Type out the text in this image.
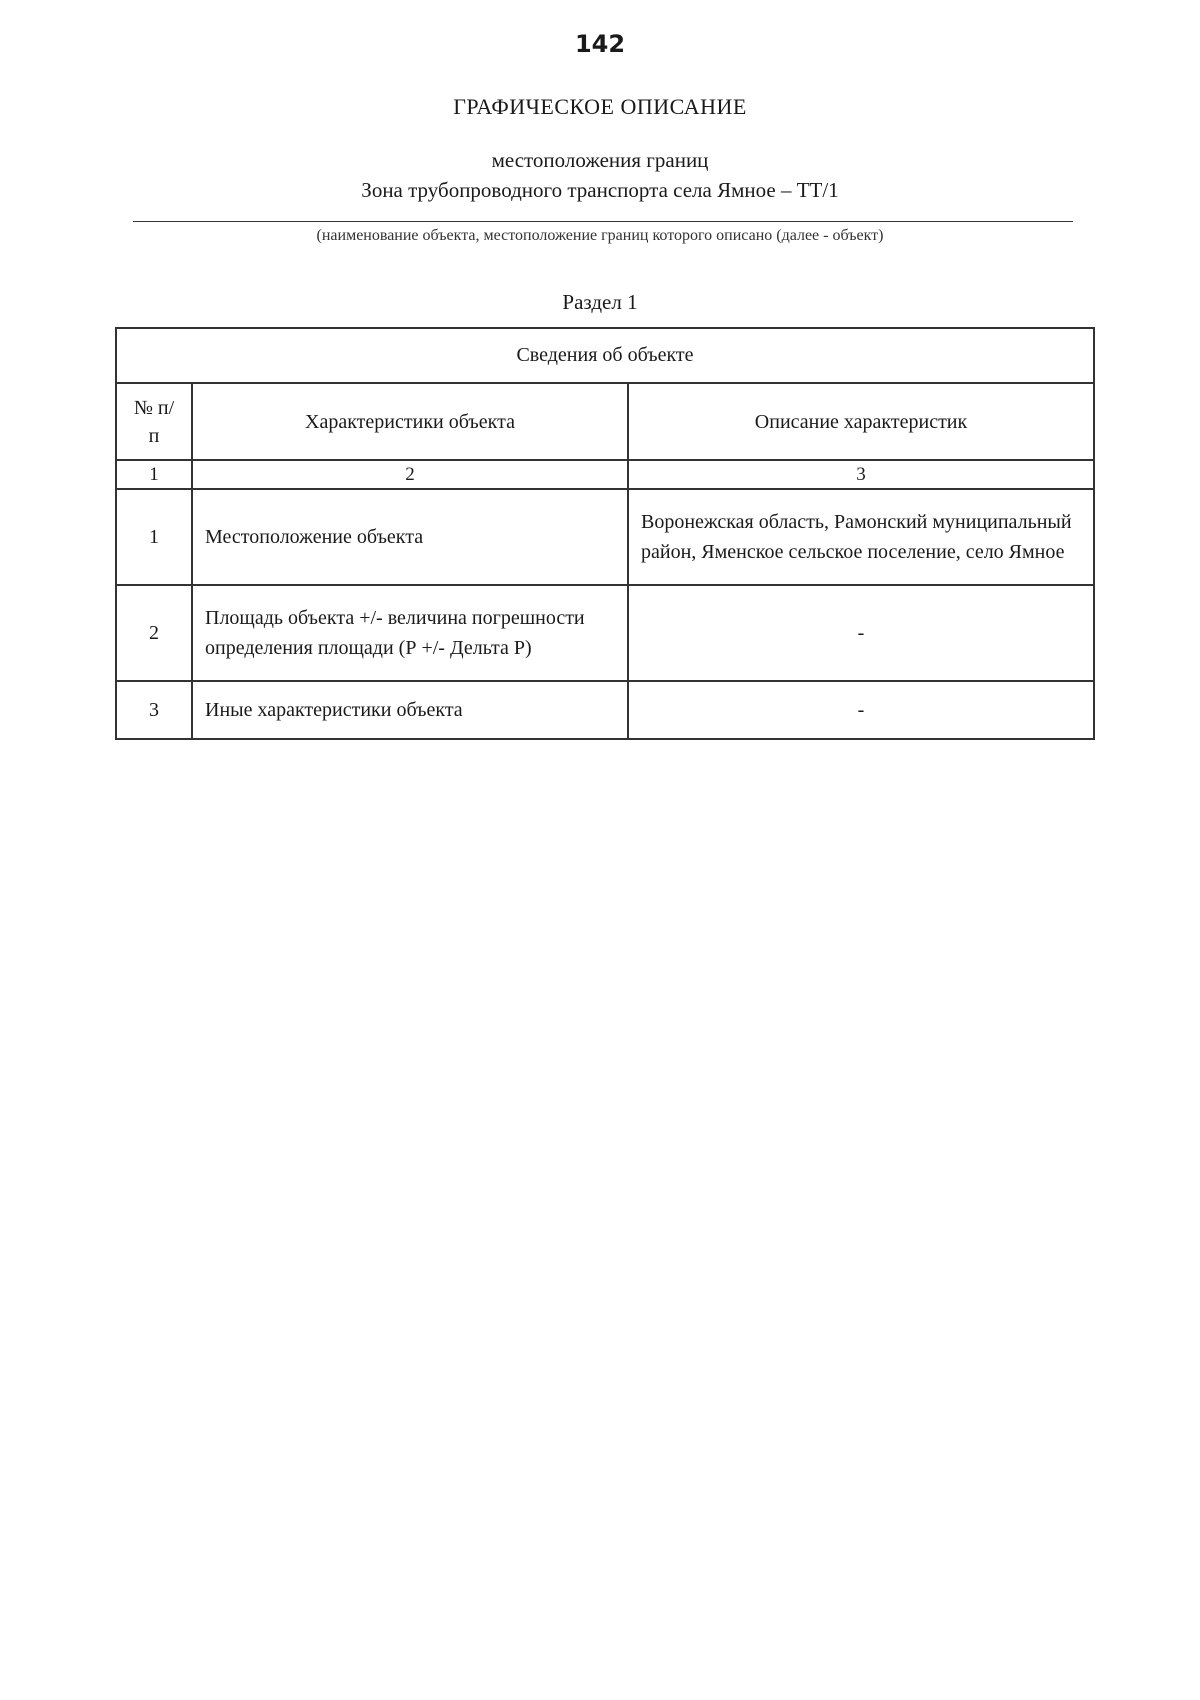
142
ГРАФИЧЕСКОЕ ОПИСАНИЕ
местоположения границ
Зона трубопроводного транспорта села Ямное – ТТ/1
(наименование объекта, местоположение границ которого описано (далее - объект)
Раздел 1
Сведения об объекте		
№ п/п	Характеристики объекта	Описание характеристик
1	2	3
1	Местоположение объекта	Воронежская область, Рамонский муниципальный район, Яменское сельское поселение, село Ямное
2	Площадь объекта +/- величина погрешности определения площади (Р +/- Дельта Р)	-
3	Иные характеристики объекта	-
